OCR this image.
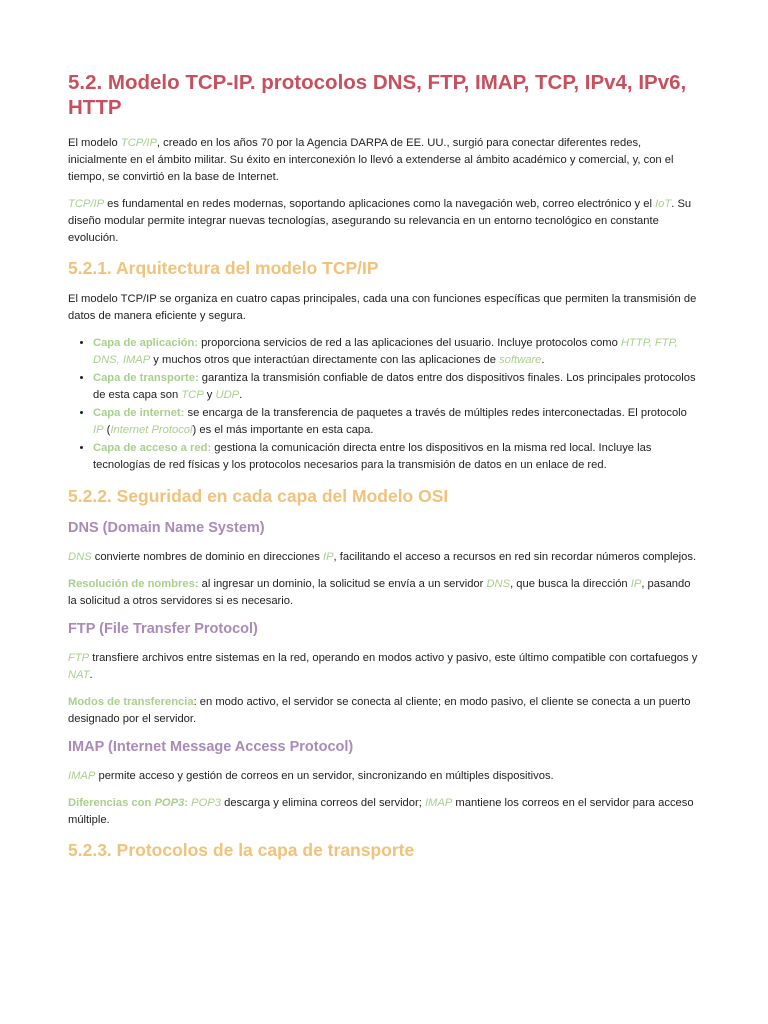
5.2. Modelo TCP-IP. protocolos DNS, FTP, IMAP, TCP, IPv4, IPv6, HTTP

El modelo TCP/IP, creado en los años 70 por la Agencia DARPA de EE. UU., surgió para conectar diferentes redes, inicialmente en el ámbito militar. Su éxito en interconexión lo llevó a extenderse al ámbito académico y comercial, y, con el tiempo, se convirtió en la base de Internet.

TCP/IP es fundamental en redes modernas, soportando aplicaciones como la navegación web, correo electrónico y el IoT. Su diseño modular permite integrar nuevas tecnologías, asegurando su relevancia en un entorno tecnológico en constante evolución.

5.2.1. Arquitectura del modelo TCP/IP

El modelo TCP/IP se organiza en cuatro capas principales, cada una con funciones específicas que permiten la transmisión de datos de manera eficiente y segura.

• Capa de aplicación: proporciona servicios de red a las aplicaciones del usuario. Incluye protocolos como HTTP, FTP, DNS, IMAP y muchos otros que interactúan directamente con las aplicaciones de software.
• Capa de transporte: garantiza la transmisión confiable de datos entre dos dispositivos finales. Los principales protocolos de esta capa son TCP y UDP.
• Capa de internet: se encarga de la transferencia de paquetes a través de múltiples redes interconectadas. El protocolo IP (Internet Protocol) es el más importante en esta capa.
• Capa de acceso a red: gestiona la comunicación directa entre los dispositivos en la misma red local. Incluye las tecnologías de red físicas y los protocolos necesarios para la transmisión de datos en un enlace de red.
5.2.2. Seguridad en cada capa del Modelo OSI
DNS (Domain Name System)

DNS convierte nombres de dominio en direcciones IP, facilitando el acceso a recursos en red sin recordar números complejos.

Resolución de nombres: al ingresar un dominio, la solicitud se envía a un servidor DNS, que busca la dirección IP, pasando la solicitud a otros servidores si es necesario.

FTP (File Transfer Protocol)

FTP transfiere archivos entre sistemas en la red, operando en modos activo y pasivo, este último compatible con cortafuegos y NAT.

Modos de transferencia: en modo activo, el servidor se conecta al cliente; en modo pasivo, el cliente se conecta a un puerto designado por el servidor.

IMAP (Internet Message Access Protocol)

IMAP permite acceso y gestión de correos en un servidor, sincronizando en múltiples dispositivos.

Diferencias con POP3: POP3 descarga y elimina correos del servidor; IMAP mantiene los correos en el servidor para acceso múltiple.

5.2.3. Protocolos de la capa de transporte
